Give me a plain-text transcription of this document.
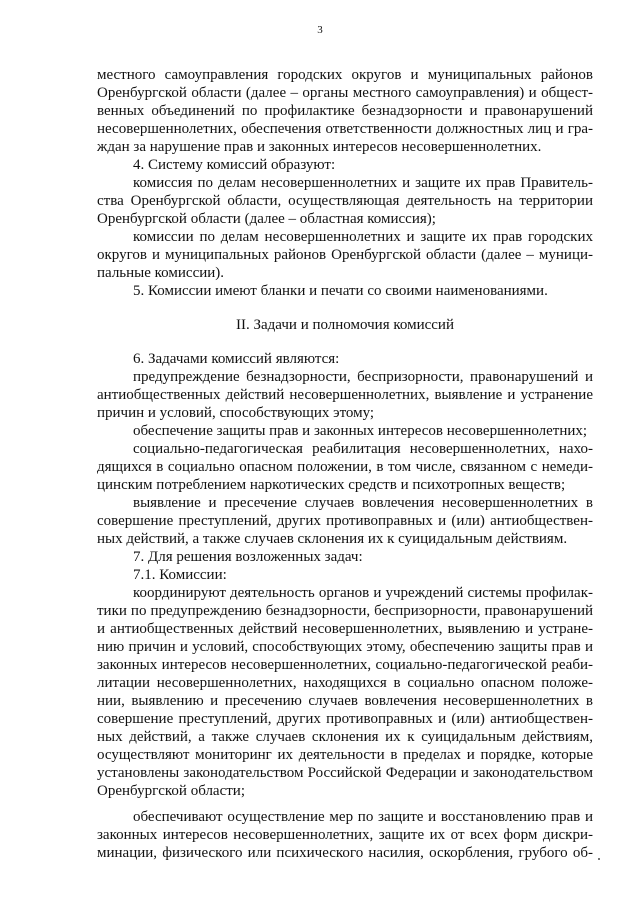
3
местного самоуправления городских округов и муниципальных районов
Оренбургской области (далее – органы местного самоуправления) и общест-
венных объединений по профилактике безнадзорности и правонарушений
несовершеннолетних, обеспечения ответственности должностных лиц и гра-
ждан за нарушение прав и законных интересов несовершеннолетних.
4. Систему комиссий образуют:
комиссия по делам несовершеннолетних и защите их прав Правитель-
ства Оренбургской области, осуществляющая деятельность на территории
Оренбургской области (далее – областная комиссия);
комиссии по делам несовершеннолетних и защите их прав городских
округов и муниципальных районов Оренбургской области (далее – муници-
пальные комиссии).
5. Комиссии имеют бланки и печати со своими наименованиями.
II. Задачи и полномочия комиссий
6. Задачами комиссий являются:
предупреждение безнадзорности, беспризорности, правонарушений и
антиобщественных действий несовершеннолетних, выявление и устранение
причин и условий, способствующих этому;
обеспечение защиты прав и законных интересов несовершеннолетних;
социально-педагогическая реабилитация несовершеннолетних, нахо-
дящихся в социально опасном положении, в том числе, связанном с немеди-
цинским потреблением наркотических средств и психотропных веществ;
выявление и пресечение случаев вовлечения несовершеннолетних в
совершение преступлений, других противоправных и (или) антиобществен-
ных действий, а также случаев склонения их к суицидальным действиям.
7. Для решения возложенных задач:
7.1. Комиссии:
координируют деятельность органов и учреждений системы профилак-
тики по предупреждению безнадзорности, беспризорности, правонарушений
и антиобщественных действий несовершеннолетних, выявлению и устране-
нию причин и условий, способствующих этому, обеспечению защиты прав и
законных интересов несовершеннолетних, социально-педагогической реаби-
литации несовершеннолетних, находящихся в социально опасном положе-
нии, выявлению и пресечению случаев вовлечения несовершеннолетних в
совершение преступлений, других противоправных и (или) антиобществен-
ных действий, а также случаев склонения их к суицидальным действиям,
осуществляют мониторинг их деятельности в пределах и порядке, которые
установлены законодательством Российской Федерации и законодательством
Оренбургской области;
обеспечивают осуществление мер по защите и восстановлению прав и
законных интересов несовершеннолетних, защите их от всех форм дискри-
минации, физического или психического насилия, оскорбления, грубого об-
